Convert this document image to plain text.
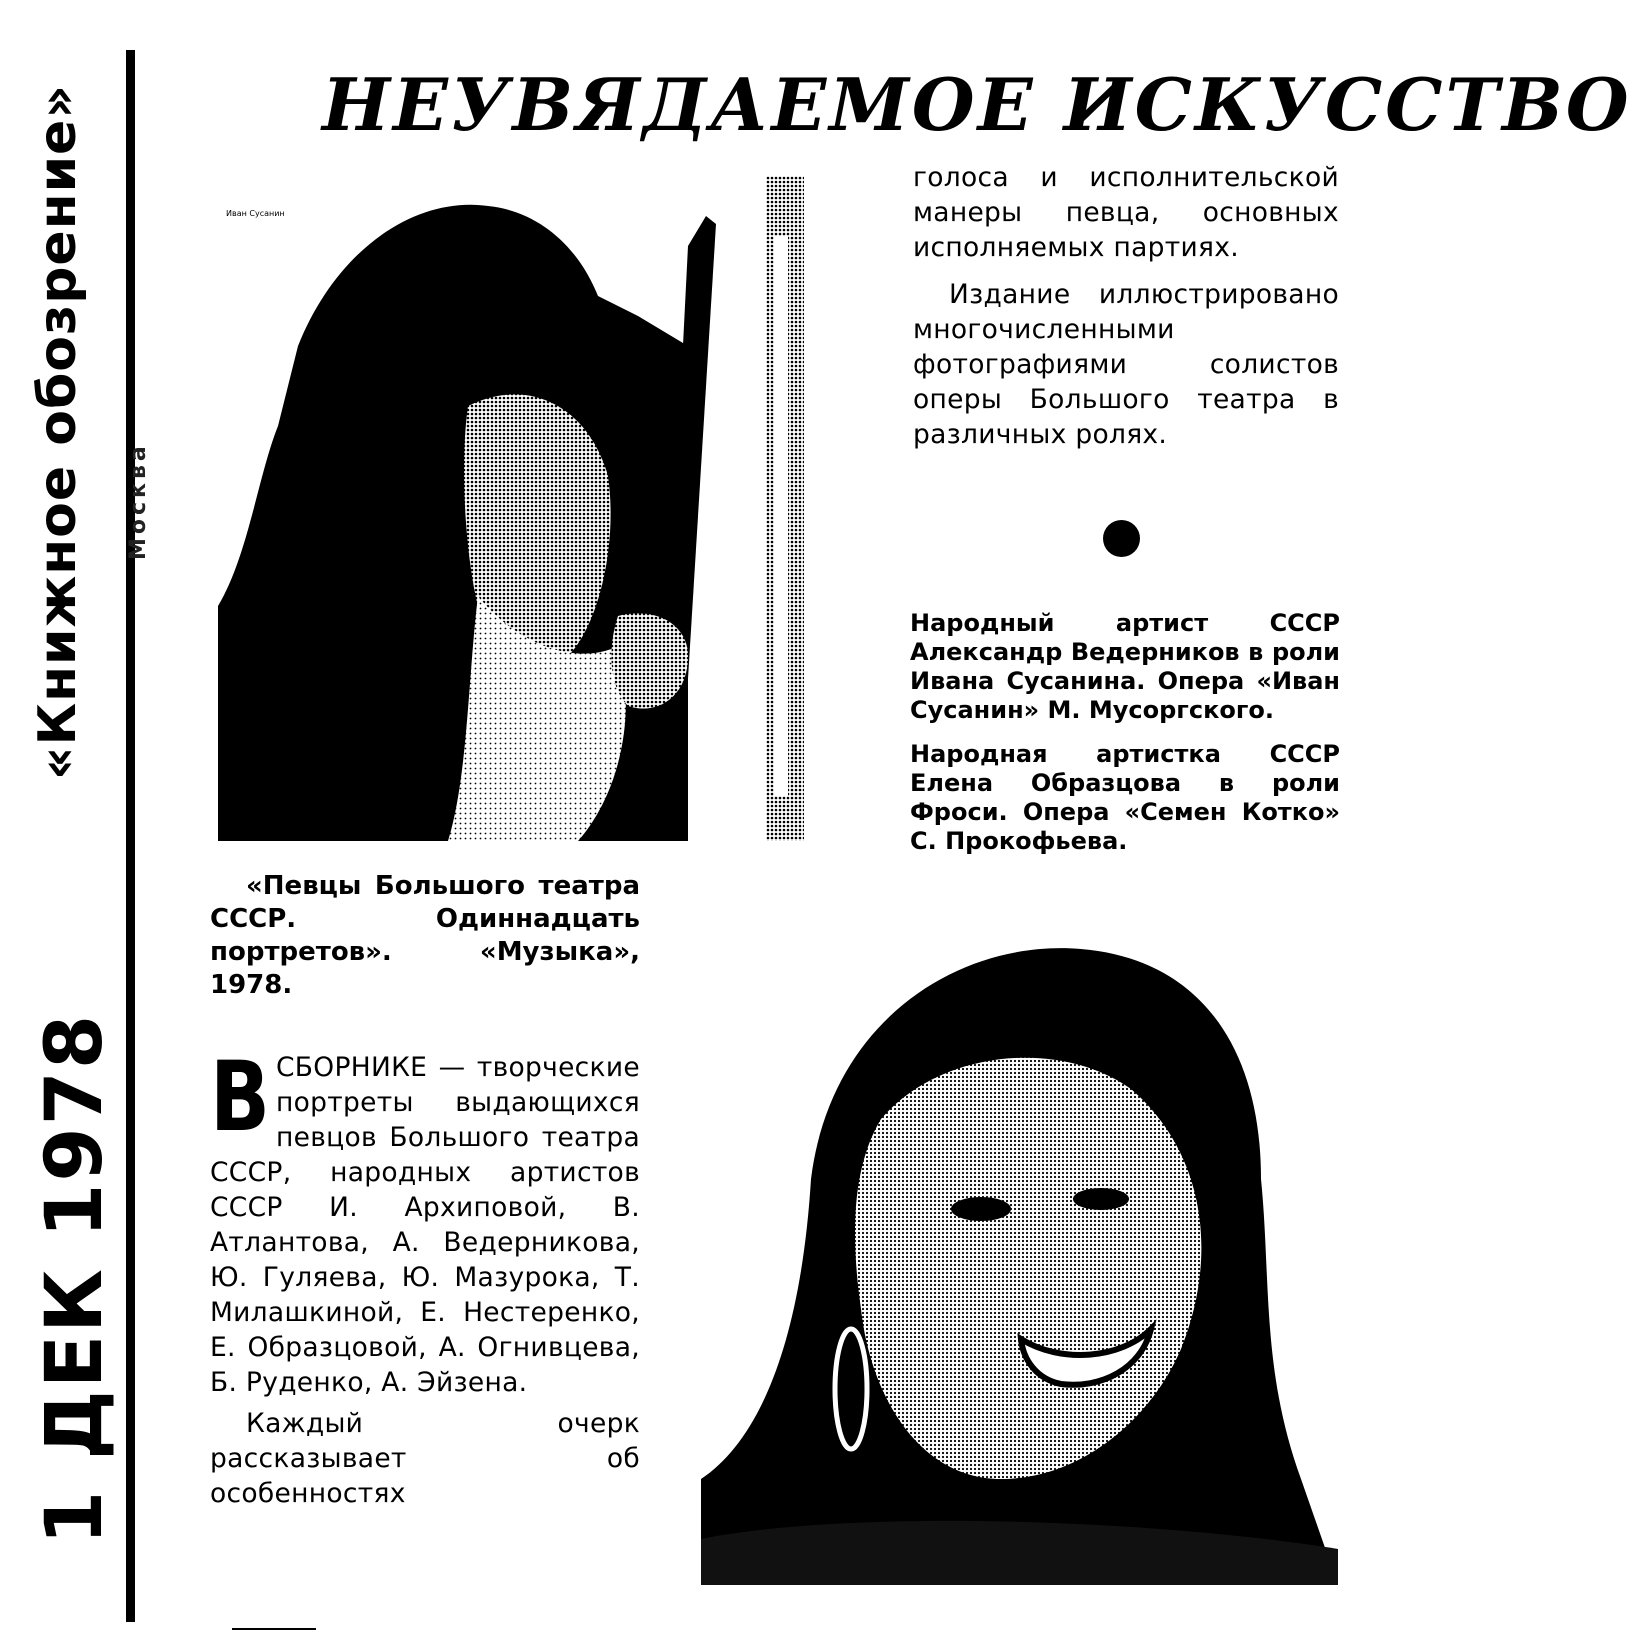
«Книжное обозрение» Москва
1 ДЕК 1978
НЕУВЯДАЕМОЕ ИСКУССТВО
Иван Сусанин

голоса и исполнительской манеры певца, основных исполняемых партиях.

Издание иллюстрировано многочисленными фотографиями солистов оперы Большого театра в различных ролях.

Народный артист СССР Александр Ведерников в роли Ивана Сусанина. Опера «Иван Сусанин» М. Мусоргского.

Народная артистка СССР Елена Образцова в роли Фроси. Опера «Семен Котко» С. Прокофьева.

«Певцы Большого театра СССР. Одиннадцать портретов». «Музыка», 1978.

ВСБОРНИКЕ — творческие портреты выдающихся певцов Большого театра СССР, народных артистов СССР И. Архиповой, В. Атлантова, А. Ведерникова, Ю. Гуляева, Ю. Мазурока, Т. Милашкиной, Е. Нестеренко, Е. Образцовой, А. Огнивцева, Б. Руденко, А. Эйзена.

Каждый очерк рассказывает об особенностях
